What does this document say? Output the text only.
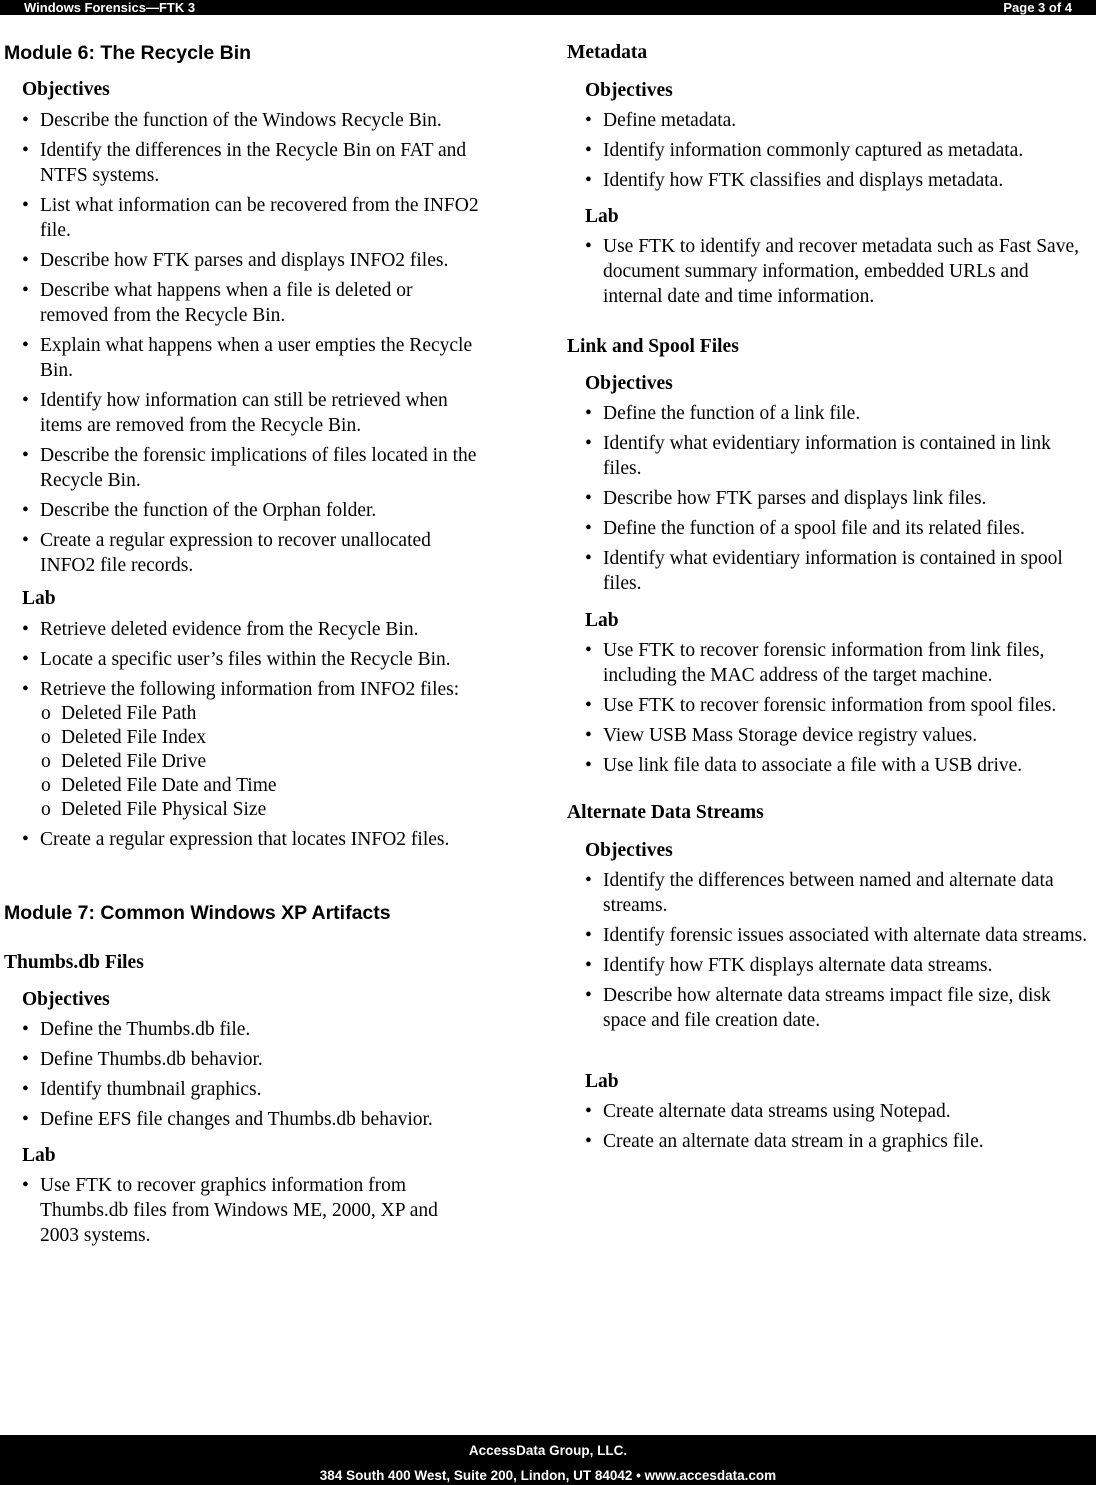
Windows Forensics—FTK 3	Page 3 of 4
Module 6: The Recycle Bin
Objectives
• Describe the function of the Windows Recycle Bin.
• Identify the differences in the Recycle Bin on FAT and NTFS systems.
• List what information can be recovered from the INFO2 file.
• Describe how FTK parses and displays INFO2 files.
• Describe what happens when a file is deleted or removed from the Recycle Bin.
• Explain what happens when a user empties the Recycle Bin.
• Identify how information can still be retrieved when items are removed from the Recycle Bin.
• Describe the forensic implications of files located in the Recycle Bin.
• Describe the function of the Orphan folder.
• Create a regular expression to recover unallocated INFO2 file records.
Lab
• Retrieve deleted evidence from the Recycle Bin.
• Locate a specific user’s files within the Recycle Bin.
• Retrieve the following information from INFO2 files:
o Deleted File Path
o Deleted File Index
o Deleted File Drive
o Deleted File Date and Time
o Deleted File Physical Size
• Create a regular expression that locates INFO2 files.
Module 7: Common Windows XP Artifacts
Thumbs.db Files
Objectives
• Define the Thumbs.db file.
• Define Thumbs.db behavior.
• Identify thumbnail graphics.
• Define EFS file changes and Thumbs.db behavior.
Lab
• Use FTK to recover graphics information from Thumbs.db files from Windows ME, 2000, XP and 2003 systems.
Metadata
Objectives
• Define metadata.
• Identify information commonly captured as metadata.
• Identify how FTK classifies and displays metadata.
Lab
• Use FTK to identify and recover metadata such as Fast Save, document summary information, embedded URLs and internal date and time information.
Link and Spool Files
Objectives
• Define the function of a link file.
• Identify what evidentiary information is contained in link files.
• Describe how FTK parses and displays link files.
• Define the function of a spool file and its related files.
• Identify what evidentiary information is contained in spool files.
Lab
• Use FTK to recover forensic information from link files, including the MAC address of the target machine.
• Use FTK to recover forensic information from spool files.
• View USB Mass Storage device registry values.
• Use link file data to associate a file with a USB drive.
Alternate Data Streams
Objectives
• Identify the differences between named and alternate data streams.
• Identify forensic issues associated with alternate data streams.
• Identify how FTK displays alternate data streams.
• Describe how alternate data streams impact file size, disk space and file creation date.
Lab
• Create alternate data streams using Notepad.
• Create an alternate data stream in a graphics file.
AccessData Group, LLC.
384 South 400 West, Suite 200, Lindon, UT 84042 • www.accesdata.com
